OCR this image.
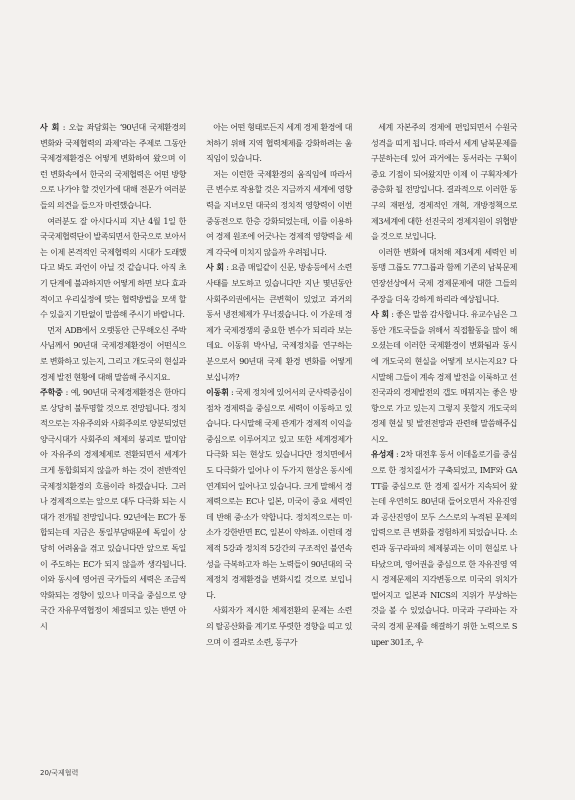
사 회 : 오늘 좌담회는 ‘90년대 국제환경의 변화와 국제협력의 과제’라는 주제로 그동안 국제경제환경은 어떻게 변화하여 왔으며 이런 변화속에서 한국의 국제협력은 어떤 방향으로 나가야 할 것인가에 대해 전문가 여러분들의 의견을 들으자 마련했습니다.

여러분도 잘 아시다시피 지난 4월 1일 한국국제협력단이 발족되면서 한국으로 보아서는 이제 본격적인 국제협력의 시대가 도래했다고 봐도 과언이 아닐 것 같습니다. 아직 초기 단계에 불과하지만 어떻게 하면 보다 효과적이고 우리실정에 맞는 협력방법을 모색 할 수 있을지 기탄없이 말씀해 주시기 바랍니다.

먼저 ADB에서 오랫동안 근무해오신 주박사님께서 90년대 국제경제환경이 어떤식으로 변화하고 있는지, 그리고 개도국의 현실과 경제 발전 현황에 대해 말씀해 주시지요.

주학중 : 예, 90년대 국제경제환경은 한마디로 상당히 불투명할 것으로 전망됩니다. 정치적으로는 자유주의와 사회주의로 양분되었던 양극시대가 사회주의 체제의 붕괴로 말미암아 자유주의 경제체제로 전환되면서 세계가 크게 통합회되지 않을까 하는 것이 전반적인 국제정치환경의 흐름이라 하겠습니다. 그러나 경제적으로는 앞으로 대두 다극화 되는 시대가 전개될 전망입니다. 92년에는 EC가 통합되는데 지금은 통일부담때문에 독일이 상당히 어려움을 겪고 있습니다만 앞으로 독일이 주도하는 EC가 되지 않을까 생각됩니다. 이와 동시에 영어권 국가들의 세력은 조금씩 약화되는 경향이 있으나 미국을 중심으로 양국간 자유무역협정이 체결되고 있는 반면 아시

아는 어떤 형태로든지 세계 경제 환경에 대처하기 위해 지역 협력체제를 강화하려는 움직임이 있습니다.

저는 이런한 국제환경의 움직임에 따라서 큰 변수로 작용할 것은 지금까지 세계에 영향력을 지녀오던 대국의 정치적 영향력이 이번 중동전으로 한층 강화되었는데, 이를 이용하여 경제 원조에 어긋나는 경제적 영향력을 세계 각국에 미치지 않을까 우려됩니다.

사 회 : 요즘 매일같이 신문, 방송등에서 소련사태를 보도하고 있습니다만 지난 몇년동안 사회주의권에서는 큰변혁이 있었고 과거의 동서 냉전체제가 무너졌습니다. 이 가운데 경제가 국제경쟁의 중요한 변수가 되리라 보는데요. 이동휘 박사님, 국제정치를 연구하는 분으로서 90년대 국제 환경 변화를 어떻게 보십니까?

이동휘 : 국제 정치에 있어서의 군사력중심이 점차 경제력을 중심으로 세력이 이동하고 있습니다. 다시말해 국제 관계가 경제적 이익을 중심으로 이루어지고 있고 또한 세계경제가 다극화 되는 현상도 있습니다만 정치면에서도 다극화가 일어나 이 두가지 현상은 동시에 연계되어 일어나고 있습니다. 크게 말해서 경제력으로는 EC나 일본, 미국이 중요 세력인데 반해 중·소가 약합니다. 정치적으로는 미·소가 강한반면 EC, 일본이 약하죠. 이런데 경제적 5강과 정치적 5강간의 구조적인 불연속성을 극복하고자 하는 노력들이 90년대의 국제정치 경제환경을 변화시킬 것으로 보입니다.

사회자가 제시한 체제전환의 문제는 소련의 탈공산화를 계기로 뚜렷한 경향을 띠고 있으며 이 결과로 소련, 동구가

세계 자본주의 경제에 편입되면서 수원국 성격을 띠게 됩니다. 따라서 세계 남북문제를 구분하는데 있어 과거에는 동서라는 구획이 중요 기점이 되어왔지만 이제 이 구획자체가 중층화 될 전망입니다. 결과적으로 이러한 동구의 재편성, 경제적인 개혁, 개방정책으로 제3세계에 대한 선진국의 경제지원이 위협받을 것으로 보입니다.

이러한 변화에 대처해 제3세계 세력인 비동맹 그룹도 77그룹과 함께 기존의 남북문제 연장선상에서 국제 경제문제에 대한 그들의 주장을 더욱 강하게 하리라 예상됩니다.

사 회 : 좋은 말씀 감사합니다. 유교수님은 그동안 개도국들을 위해서 직접활동을 많이 해오셨는데 이러한 국제환경이 변화됨과 동시에 개도국의 현실을 어떻게 보시는지요? 다시말해 그들이 계속 경제 발전을 이룩하고 선진국과의 경제발전의 갭도 메꿔지는 좋은 방향으로 가고 있는지 그렇지 못할지 개도국의 경제 현실 및 발전전망과 관련해 말씀해주십시오.

유성재 : 2차 대전후 동서 이데올로기를 중심으로 한 정치질서가 구축되었고, IMF와 GATT를 중심으로 한 경제 질서가 지속되어 왔는데 우연히도 80년대 들어오면서 자유진영과 공산진영이 모두 스스로의 누적된 문제의 압력으로 큰 변화를 경험하게 되었습니다. 소련과 동구라파의 체제붕괴는 이미 현실로 나타났으며, 영어권을 중심으로 한 자유진영 역시 경제문제의 지각변동으로 미국의 위치가 떨어지고 일본과 NICS의 지위가 부상하는 것을 볼 수 있었습니다. 미국과 구라파는 자국의 경제 문제를 해결하기 위한 노력으로 Super 301조, 우

20/국제협력
